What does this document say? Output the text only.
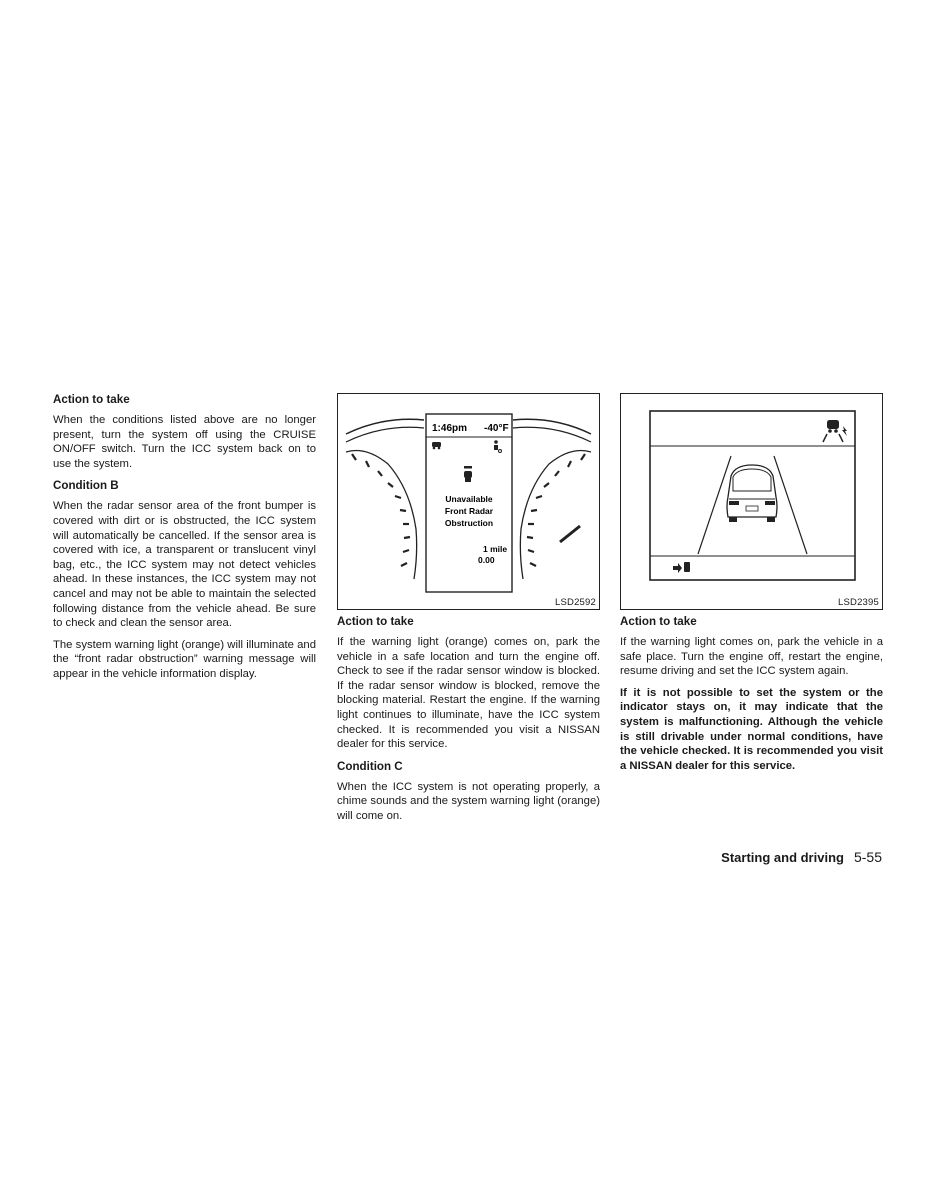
Action to take

When the conditions listed above are no longer present, turn the system off using the CRUISE ON/OFF switch. Turn the ICC system back on to use the system.

Condition B

When the radar sensor area of the front bumper is covered with dirt or is obstructed, the ICC system will automatically be cancelled. If the sensor area is covered with ice, a transparent or translucent vinyl bag, etc., the ICC system may not detect vehicles ahead. In these instances, the ICC system may not cancel and may not be able to maintain the selected following distance from the vehicle ahead. Be sure to check and clean the sensor area.

The system warning light (orange) will illuminate and the “front radar obstruction” warning message will appear in the vehicle information display.

1:46pm -40°F
Unavailable
Front Radar
Obstruction
1 mile
0.00
LSD2592	LSD2395
Action to take

If the warning light (orange) comes on, park the vehicle in a safe location and turn the engine off. Check to see if the radar sensor window is blocked. If the radar sensor window is blocked, remove the blocking material. Restart the engine. If the warning light continues to illuminate, have the ICC system checked. It is recommended you visit a NISSAN dealer for this service.

Condition C

When the ICC system is not operating properly, a chime sounds and the system warning light (orange) will come on.

Action to take

If the warning light comes on, park the vehicle in a safe place. Turn the engine off, restart the engine, resume driving and set the ICC system again.

If it is not possible to set the system or the indicator stays on, it may indicate that the system is malfunctioning. Although the vehicle is still drivable under normal conditions, have the vehicle checked. It is recommended you visit a NISSAN dealer for this service.

Starting and driving 5-55
